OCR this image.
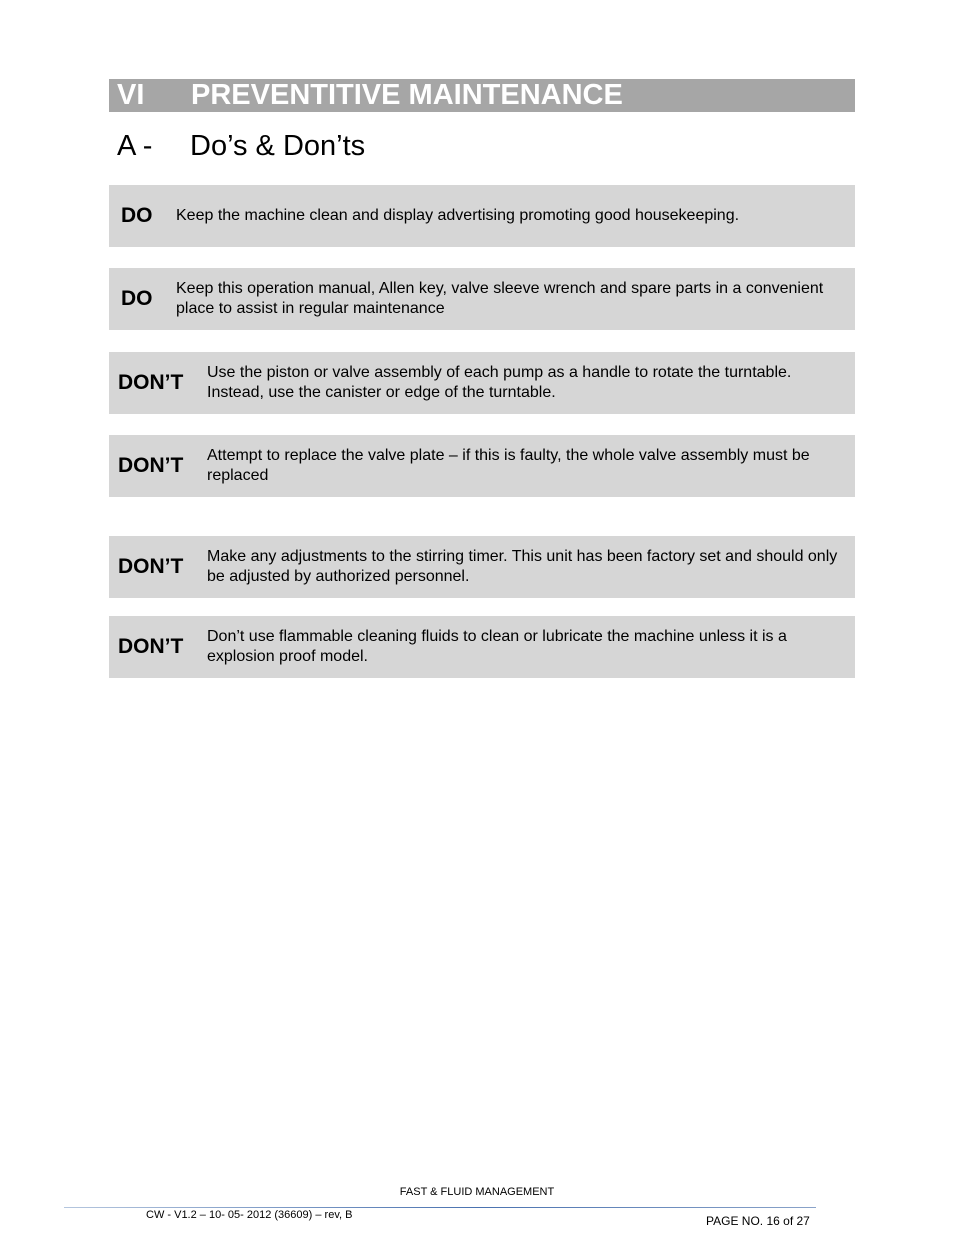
VI PREVENTITIVE MAINTENANCE
A - Do’s & Don’ts
DO Keep the machine clean and display advertising promoting good housekeeping.
DO Keep this operation manual, Allen key, valve sleeve wrench and spare parts in a convenient place to assist in regular maintenance
DON’T Use the piston or valve assembly of each pump as a handle to rotate the turntable. Instead, use the canister or edge of the turntable.
DON’T Attempt to replace the valve plate – if this is faulty, the whole valve assembly must be replaced
DON’T Make any adjustments to the stirring timer. This unit has been factory set and should only be adjusted by authorized personnel.
DON’T Don’t use flammable cleaning fluids to clean or lubricate the machine unless it is a explosion proof model.
FAST & FLUID MANAGEMENT
CW - V1.2 – 10- 05- 2012 (36609) – rev, B	PAGE NO. 16 of 27
